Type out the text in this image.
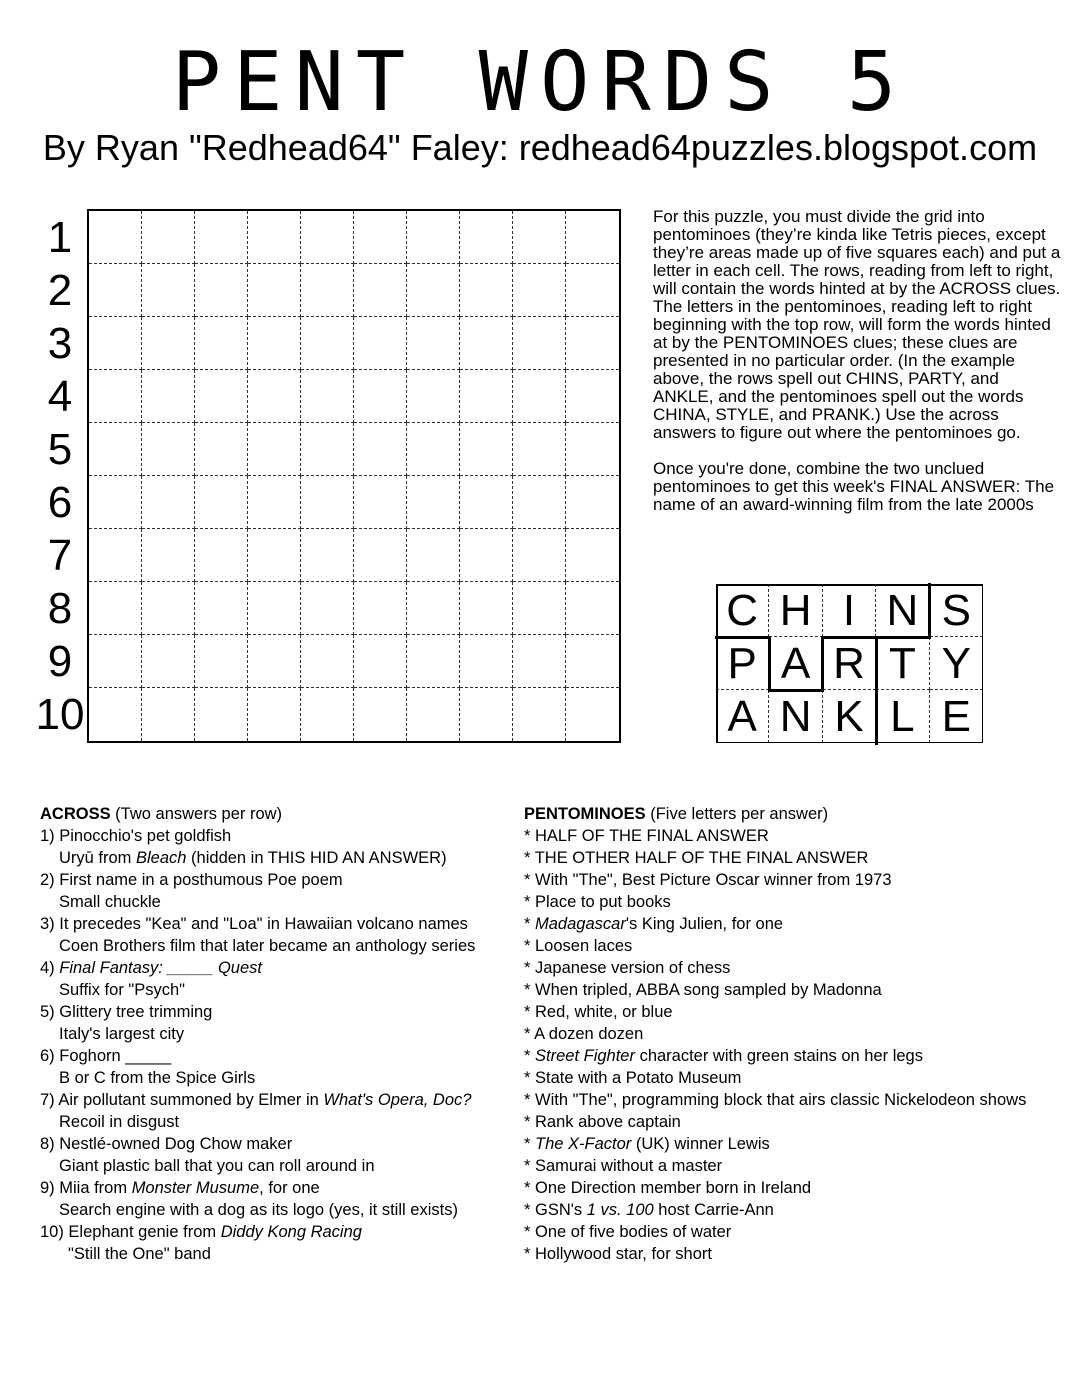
PENT WORDS 5
By Ryan "Redhead64" Faley: redhead64puzzles.blogspot.com
1
2
3
4
5
6
7
8
9
10

For this puzzle, you must divide the grid into pentominoes (they’re kinda like Tetris pieces, except they’re areas made up of five squares each) and put a letter in each cell. The rows, reading from left to right, will contain the words hinted at by the ACROSS clues. The letters in the pentominoes, reading left to right beginning with the top row, will form the words hinted at by the PENTOMINOES clues; these clues are presented in no particular order. (In the example above, the rows spell out CHINS, PARTY, and ANKLE, and the pentominoes spell out the words CHINA, STYLE, and PRANK.) Use the across answers to figure out where the pentominoes go.

Once you're done, combine the two unclued pentominoes to get this week's FINAL ANSWER: The name of an award-winning film from the late 2000s

C H I N S
P A R T Y
A N K L E
ACROSS (Two answers per row)
1) Pinocchio's pet goldfish
Uryū from Bleach (hidden in THIS HID AN ANSWER)
2) First name in a posthumous Poe poem
Small chuckle
3) It precedes "Kea" and "Loa" in Hawaiian volcano names
Coen Brothers film that later became an anthology series
4) Final Fantasy: _____ Quest
Suffix for "Psych"
5) Glittery tree trimming
Italy's largest city
6) Foghorn _____
B or C from the Spice Girls
7) Air pollutant summoned by Elmer in What's Opera, Doc?
Recoil in disgust
8) Nestlé-owned Dog Chow maker
Giant plastic ball that you can roll around in
9) Miia from Monster Musume, for one
Search engine with a dog as its logo (yes, it still exists)
10) Elephant genie from Diddy Kong Racing
"Still the One" band
PENTOMINOES (Five letters per answer)
* HALF OF THE FINAL ANSWER
* THE OTHER HALF OF THE FINAL ANSWER
* With "The", Best Picture Oscar winner from 1973
* Place to put books
* Madagascar's King Julien, for one
* Loosen laces
* Japanese version of chess
* When tripled, ABBA song sampled by Madonna
* Red, white, or blue
* A dozen dozen
* Street Fighter character with green stains on her legs
* State with a Potato Museum
* With "The", programming block that airs classic Nickelodeon shows
* Rank above captain
* The X-Factor (UK) winner Lewis
* Samurai without a master
* One Direction member born in Ireland
* GSN's 1 vs. 100 host Carrie-Ann
* One of five bodies of water
* Hollywood star, for short
